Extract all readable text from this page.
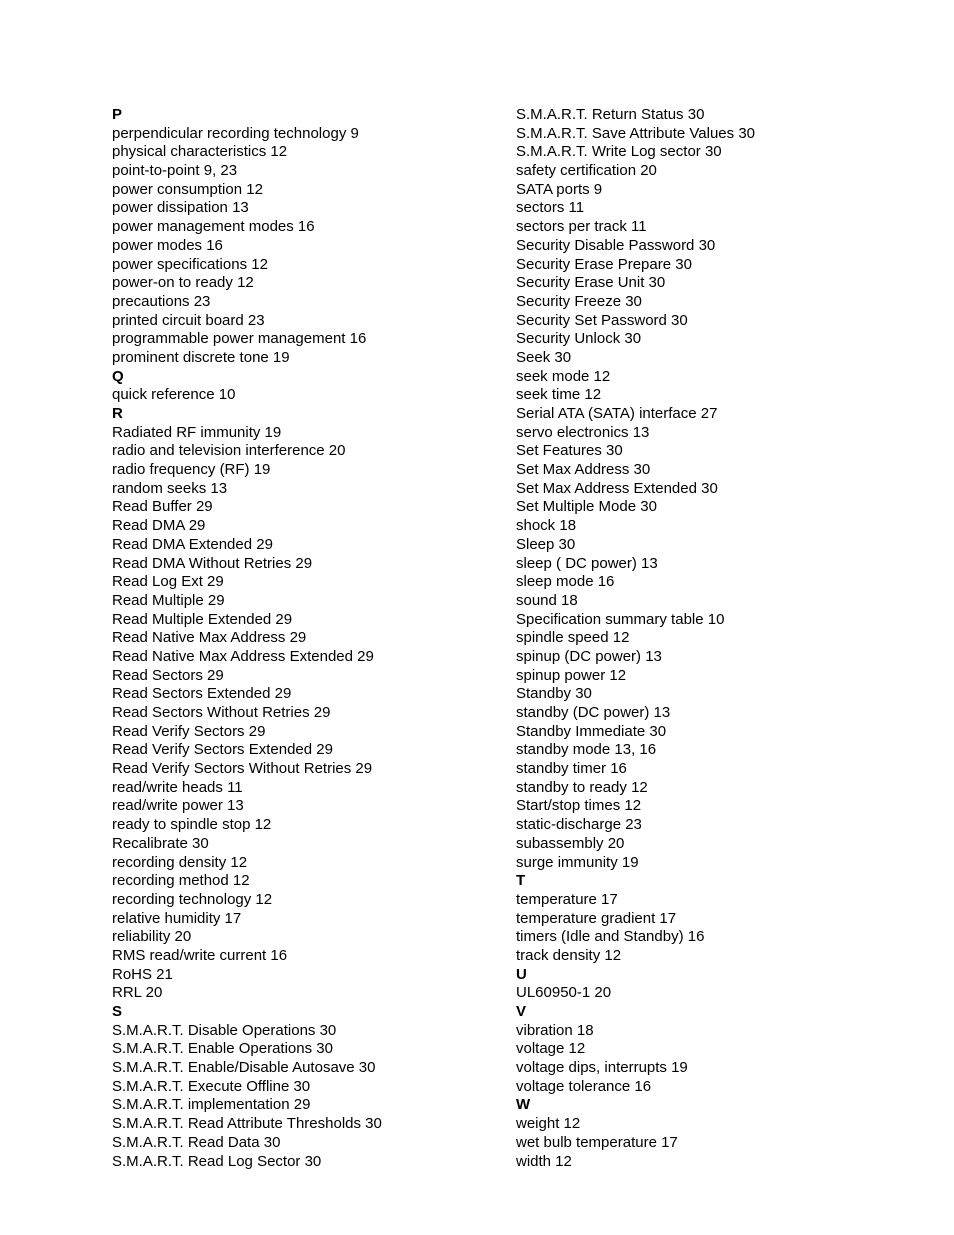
P
perpendicular recording technology 9
physical characteristics 12
point-to-point 9, 23
power consumption 12
power dissipation 13
power management modes 16
power modes 16
power specifications 12
power-on to ready 12
precautions 23
printed circuit board 23
programmable power management 16
prominent discrete tone 19
Q
quick reference 10
R
Radiated RF immunity 19
radio and television interference 20
radio frequency (RF) 19
random seeks 13
Read Buffer 29
Read DMA 29
Read DMA Extended 29
Read DMA Without Retries 29
Read Log Ext 29
Read Multiple 29
Read Multiple Extended 29
Read Native Max Address 29
Read Native Max Address Extended 29
Read Sectors 29
Read Sectors Extended 29
Read Sectors Without Retries 29
Read Verify Sectors 29
Read Verify Sectors Extended 29
Read Verify Sectors Without Retries 29
read/write heads 11
read/write power 13
ready to spindle stop 12
Recalibrate 30
recording density 12
recording method 12
recording technology 12
relative humidity 17
reliability 20
RMS read/write current 16
RoHS 21
RRL 20
S
S.M.A.R.T. Disable Operations 30
S.M.A.R.T. Enable Operations 30
S.M.A.R.T. Enable/Disable Autosave 30
S.M.A.R.T. Execute Offline 30
S.M.A.R.T. implementation 29
S.M.A.R.T. Read Attribute Thresholds 30
S.M.A.R.T. Read Data 30
S.M.A.R.T. Read Log Sector 30
S.M.A.R.T. Return Status 30
S.M.A.R.T. Save Attribute Values 30
S.M.A.R.T. Write Log sector 30
safety certification 20
SATA ports 9
sectors 11
sectors per track 11
Security Disable Password 30
Security Erase Prepare 30
Security Erase Unit 30
Security Freeze 30
Security Set Password 30
Security Unlock 30
Seek 30
seek mode 12
seek time 12
Serial ATA (SATA) interface 27
servo electronics 13
Set Features 30
Set Max Address 30
Set Max Address Extended 30
Set Multiple Mode 30
shock 18
Sleep 30
sleep ( DC power) 13
sleep mode 16
sound 18
Specification summary table 10
spindle speed 12
spinup (DC power) 13
spinup power 12
Standby 30
standby (DC power) 13
Standby Immediate 30
standby mode 13, 16
standby timer 16
standby to ready 12
Start/stop times 12
static-discharge 23
subassembly 20
surge immunity 19
T
temperature 17
temperature gradient 17
timers (Idle and Standby) 16
track density 12
U
UL60950-1 20
V
vibration 18
voltage 12
voltage dips, interrupts 19
voltage tolerance 16
W
weight 12
wet bulb temperature 17
width 12
